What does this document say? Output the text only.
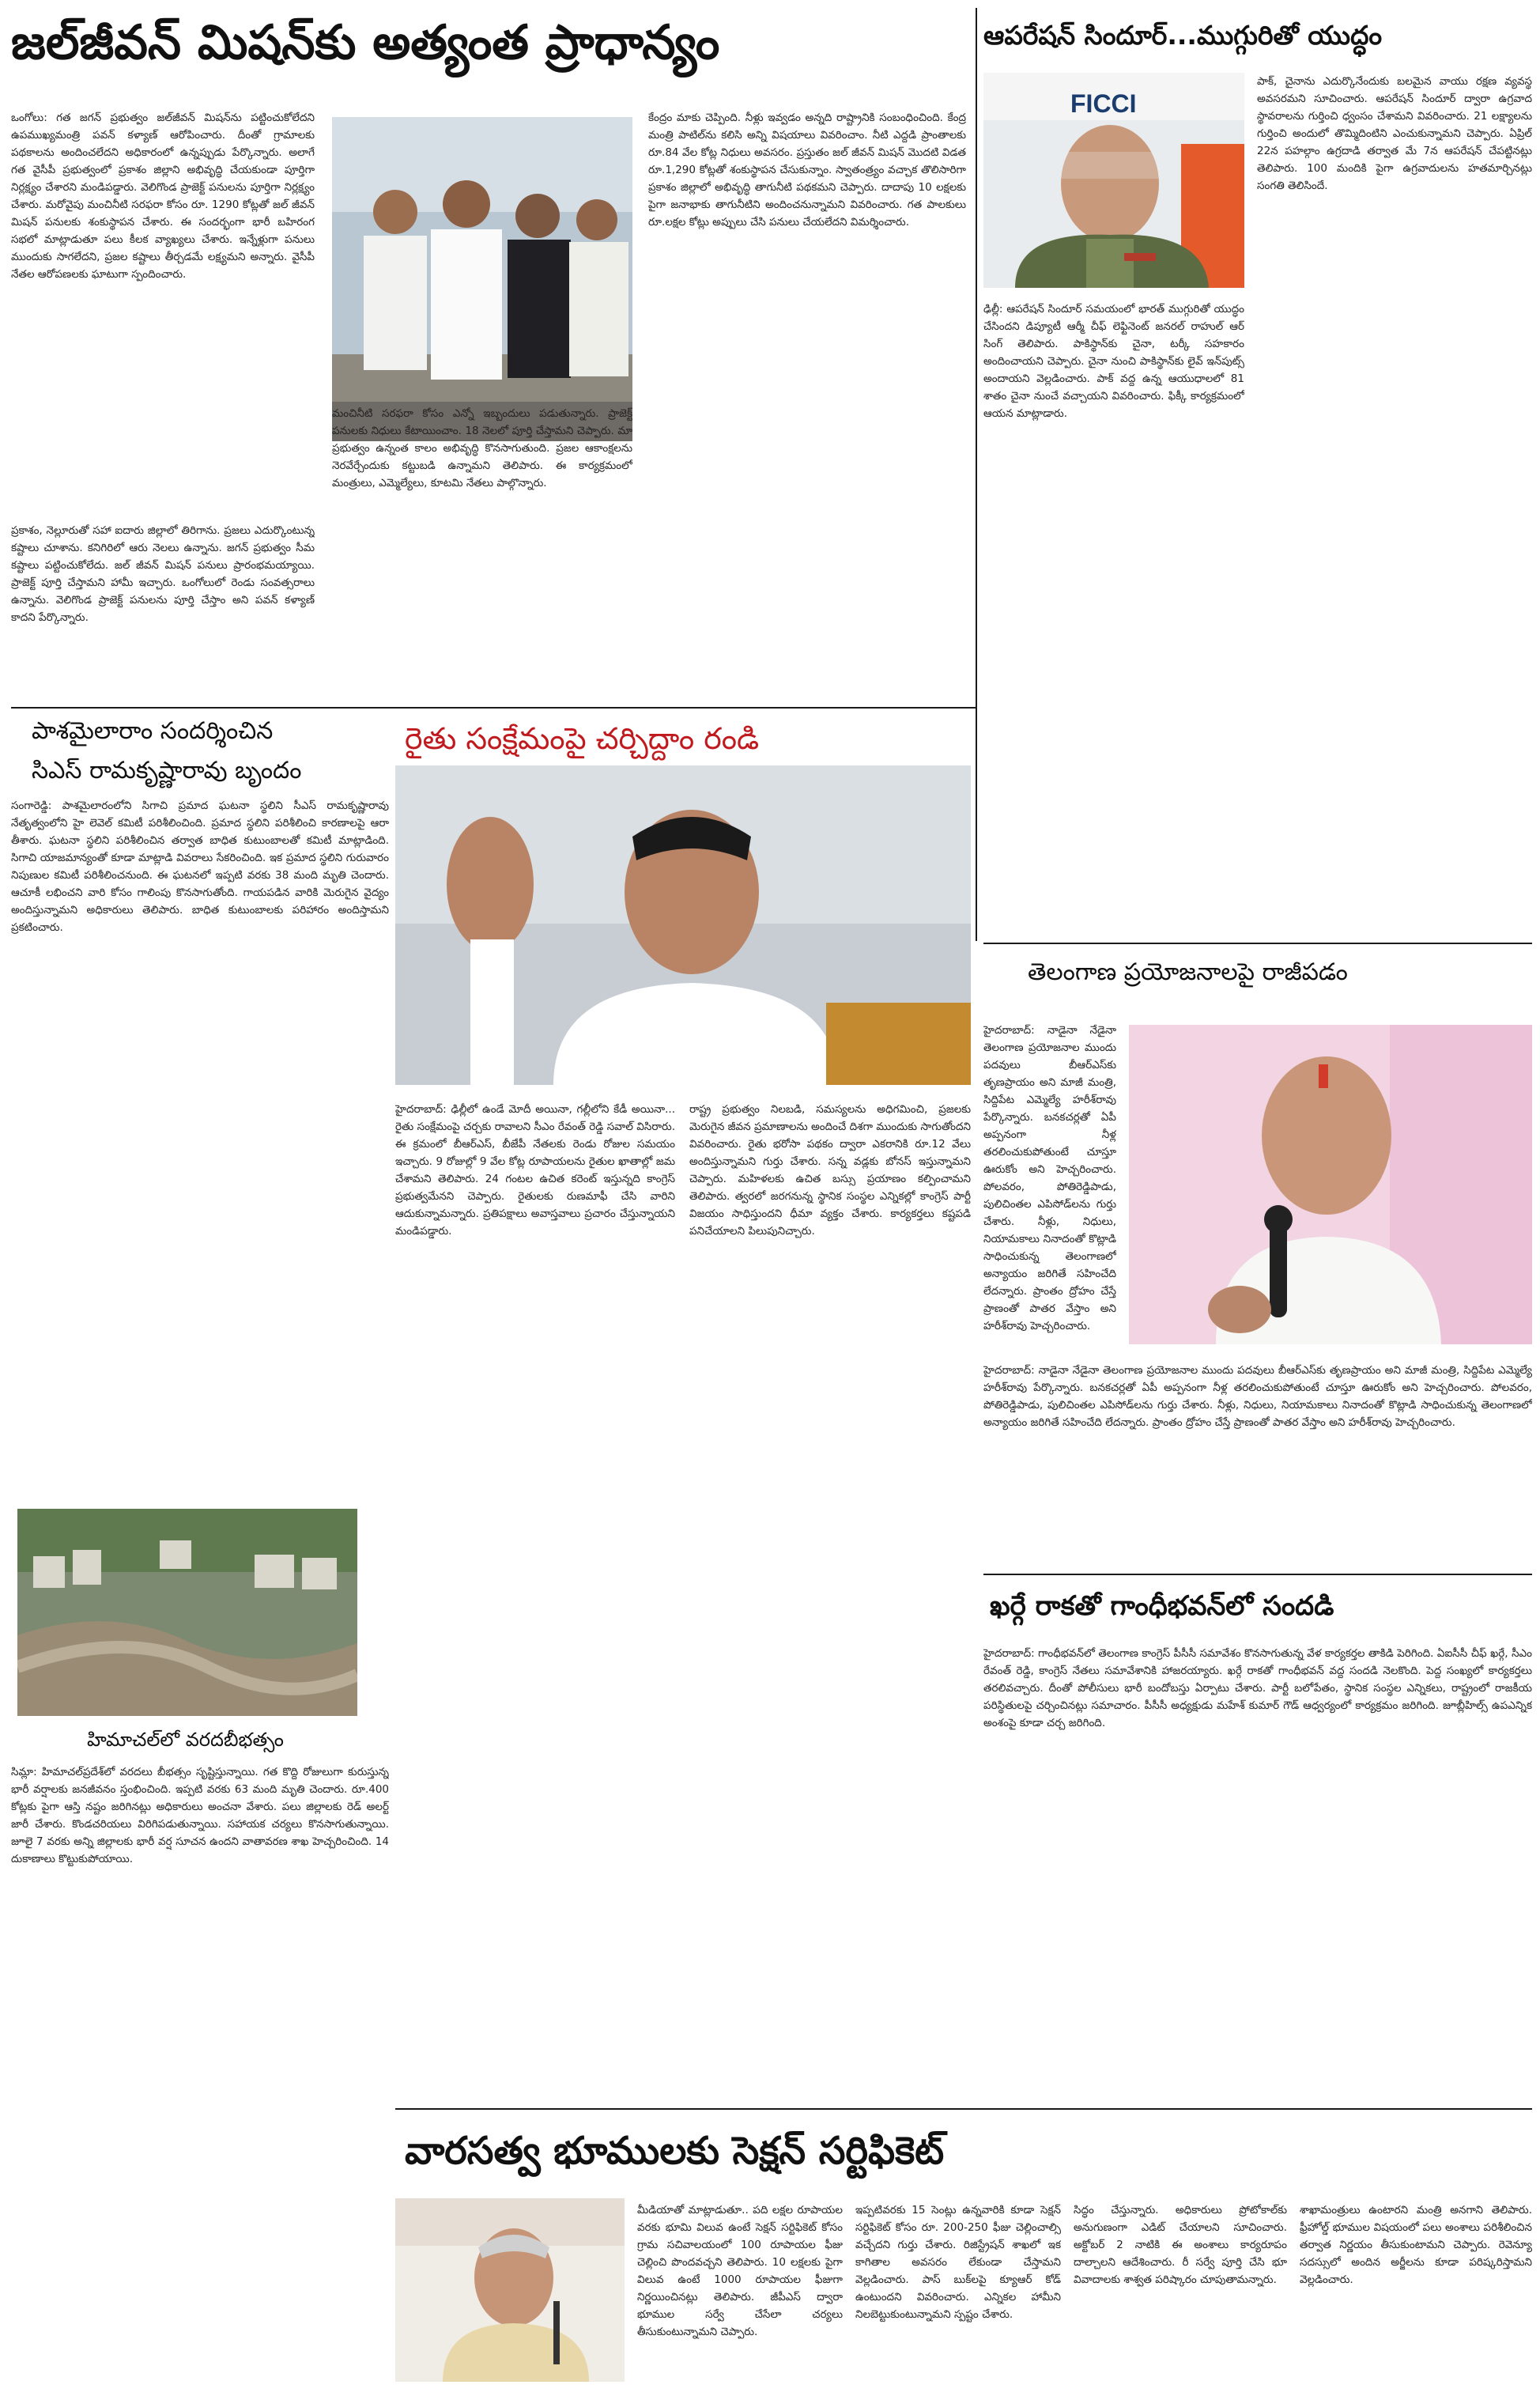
జల్‌జీవన్ మిషన్‌కు అత్యంత ప్రాధాన్యం
ఒంగోలు: గత జగన్ ప్రభుత్వం జల్‌జీవన్ మిషన్‌ను పట్టించుకోలేదని ఉపముఖ్యమంత్రి పవన్ కళ్యాణ్ ఆరోపించారు. దీంతో గ్రామాలకు పథకాలను అందించలేదని అధికారంలో ఉన్నప్పుడు పేర్కొన్నారు. అలాగే గత వైసీపీ ప్రభుత్వంలో ప్రకాశం జిల్లాని అభివృద్ధి చేయకుండా పూర్తిగా నిర్లక్ష్యం చేశారని మండిపడ్డారు. వెలిగొండ ప్రాజెక్ట్ పనులను పూర్తిగా నిర్లక్ష్యం చేశారు. మరోవైపు మంచినీటి సరఫరా కోసం రూ. 1290 కోట్లతో జల్ జీవన్ మిషన్ పనులకు శంకుస్థాపన చేశారు. ఈ సందర్భంగా భారీ బహిరంగ సభలో మాట్లాడుతూ పలు కీలక వ్యాఖ్యలు చేశారు. ఇన్నేళ్లుగా పనులు ముందుకు సాగలేదని, ప్రజల కష్టాలు తీర్చడమే లక్ష్యమని అన్నారు. వైసీపీ నేతల ఆరోపణలకు ఘాటుగా స్పందించారు.
ప్రకాశం, నెల్లూరుతో సహా ఐదారు జిల్లాలో తిరిగాను. ప్రజలు ఎదుర్కొంటున్న కష్టాలు చూశాను. కనిగిరిలో ఆరు నెలలు ఉన్నాను. జగన్ ప్రభుత్వం సీమ కష్టాలు పట్టించుకోలేదు. జల్ జీవన్ మిషన్ పనులు ప్రారంభమయ్యాయి. ప్రాజెక్ట్ పూర్తి చేస్తామని హామీ ఇచ్చారు. ఒంగోలులో రెండు సంవత్సరాలు ఉన్నాను. వెలిగొండ ప్రాజెక్ట్ పనులను పూర్తి చేస్తాం అని పవన్ కళ్యాణ్ కాదని పేర్కొన్నారు.
మంచినీటి సరఫరా కోసం ఎన్నో ఇబ్బందులు పడుతున్నారు. ప్రాజెక్ట్ పనులకు నిధులు కేటాయించాం. 18 నెలలో పూర్తి చేస్తామని చెప్పారు. మా ప్రభుత్వం ఉన్నంత కాలం అభివృద్ధి కొనసాగుతుంది. ప్రజల ఆకాంక్షలను నెరవేర్చేందుకు కట్టుబడి ఉన్నామని తెలిపారు. ఈ కార్యక్రమంలో మంత్రులు, ఎమ్మెల్యేలు, కూటమి నేతలు పాల్గొన్నారు.
కేంద్రం మాకు చెప్పింది. నీళ్లు ఇవ్వడం అన్నది రాష్ట్రానికి సంబంధించింది. కేంద్ర మంత్రి పాటిల్‌ను కలిసి అన్ని విషయాలు వివరించాం. నీటి ఎద్దడి ప్రాంతాలకు రూ.84 వేల కోట్ల నిధులు అవసరం. ప్రస్తుతం జల్ జీవన్ మిషన్ మొదటి విడత రూ.1,290 కోట్లతో శంకుస్థాపన చేసుకున్నాం. స్వాతంత్ర్యం వచ్చాక తొలిసారిగా ప్రకాశం జిల్లాలో అభివృద్ధి తాగునీటి పథకమని చెప్పారు. దాదాపు 10 లక్షలకు పైగా జనాభాకు తాగునీటిని అందించనున్నామని వివరించారు. గత పాలకులు రూ.లక్షల కోట్లు అప్పులు చేసి పనులు చేయలేదని విమర్శించారు.
ఆపరేషన్ సిందూర్...ముగ్గురితో యుద్ధం
FICCI
ఢిల్లీ: ఆపరేషన్ సిందూర్ సమయంలో భారత్ ముగ్గురితో యుద్ధం చేసిందని డిప్యూటీ ఆర్మీ చీఫ్ లెఫ్టినెంట్ జనరల్ రాహుల్ ఆర్ సింగ్ తెలిపారు. పాకిస్థాన్‌కు చైనా, టర్కీ సహకారం అందించాయని చెప్పారు. చైనా నుంచి పాకిస్థాన్‌కు లైవ్ ఇన్‌పుట్స్ అందాయని వెల్లడించారు. పాక్ వద్ద ఉన్న ఆయుధాలలో 81 శాతం చైనా నుంచే వచ్చాయని వివరించారు. ఫిక్కీ కార్యక్రమంలో ఆయన మాట్లాడారు.
పాక్, చైనాను ఎదుర్కొనేందుకు బలమైన వాయు రక్షణ వ్యవస్థ అవసరమని సూచించారు. ఆపరేషన్ సిందూర్ ద్వారా ఉగ్రవాద స్థావరాలను గుర్తించి ధ్వంసం చేశామని వివరించారు. 21 లక్ష్యాలను గుర్తించి అందులో తొమ్మిదింటిని ఎంచుకున్నామని చెప్పారు. ఏప్రిల్ 22న పహల్గాం ఉగ్రదాడి తర్వాత మే 7న ఆపరేషన్ చేపట్టినట్లు తెలిపారు. 100 మందికి పైగా ఉగ్రవాదులను హతమార్చినట్లు సంగతి తెలిసిందే.
తెలంగాణ ప్రయోజనాలపై రాజీపడం
హైదరాబాద్: నాడైనా నేడైనా తెలంగాణ ప్రయోజనాల ముందు పదవులు బీఆర్‌ఎస్‌కు తృణప్రాయం అని మాజీ మంత్రి, సిద్దిపేట ఎమ్మెల్యే హరీశ్‌రావు పేర్కొన్నారు. బనకచర్లతో ఏపీ అప్పనంగా నీళ్ల తరలించుకుపోతుంటే చూస్తూ ఊరుకోం అని హెచ్చరించారు. పోలవరం, పోతిరెడ్డిపాడు, పులిచింతల ఎపిసోడ్‌లను గుర్తు చేశారు. నీళ్లు, నిధులు, నియామకాలు నినాదంతో కొట్లాడి సాధించుకున్న తెలంగాణలో అన్యాయం జరిగితే సహించేది లేదన్నారు. ప్రాంతం ద్రోహం చేస్తే ప్రాణంతో పాతర వేస్తాం అని హరీశ్‌రావు హెచ్చరించారు.
హైదరాబాద్: నాడైనా నేడైనా తెలంగాణ ప్రయోజనాల ముందు పదవులు బీఆర్‌ఎస్‌కు తృణప్రాయం అని మాజీ మంత్రి, సిద్దిపేట ఎమ్మెల్యే హరీశ్‌రావు పేర్కొన్నారు. బనకచర్లతో ఏపీ అప్పనంగా నీళ్ల తరలించుకుపోతుంటే చూస్తూ ఊరుకోం అని హెచ్చరించారు. పోలవరం, పోతిరెడ్డిపాడు, పులిచింతల ఎపిసోడ్‌లను గుర్తు చేశారు. నీళ్లు, నిధులు, నియామకాలు నినాదంతో కొట్లాడి సాధించుకున్న తెలంగాణలో అన్యాయం జరిగితే సహించేది లేదన్నారు. ప్రాంతం ద్రోహం చేస్తే ప్రాణంతో పాతర వేస్తాం అని హరీశ్‌రావు హెచ్చరించారు.
పాశమైలారాం సందర్శించిన
సిఎస్ రామకృష్ణారావు బృందం
సంగారెడ్డి: పాశమైలారంలోని సిగాచి ప్రమాద ఘటనా స్థలిని సీఎస్ రామకృష్ణారావు నేతృత్వంలోని హై లెవెల్ కమిటీ పరిశీలించింది. ప్రమాద స్థలిని పరిశీలించి కారణాలపై ఆరా తీశారు. ఘటనా స్థలిని పరిశీలించిన తర్వాత బాధిత కుటుంబాలతో కమిటీ మాట్లాడింది. సిగాచి యాజమాన్యంతో కూడా మాట్లాడి వివరాలు సేకరించింది. ఇక ప్రమాద స్థలిని గురువారం నిపుణుల కమిటీ పరిశీలించనుంది. ఈ ఘటనలో ఇప్పటి వరకు 38 మంది మృతి చెందారు. ఆచూకీ లభించని వారి కోసం గాలింపు కొనసాగుతోంది. గాయపడిన వారికి మెరుగైన వైద్యం అందిస్తున్నామని అధికారులు తెలిపారు. బాధిత కుటుంబాలకు పరిహారం అందిస్తామని ప్రకటించారు.
హిమాచల్‌లో వరదబీభత్సం
సిమ్లా: హిమాచల్‌ప్రదేశ్‌లో వరదలు బీభత్సం సృష్టిస్తున్నాయి. గత కొద్ది రోజులుగా కురుస్తున్న భారీ వర్షాలకు జనజీవనం స్తంభించింది. ఇప్పటి వరకు 63 మంది మృతి చెందారు. రూ.400 కోట్లకు పైగా ఆస్తి నష్టం జరిగినట్లు అధికారులు అంచనా వేశారు. పలు జిల్లాలకు రెడ్ అలర్ట్ జారీ చేశారు. కొండచరియలు విరిగిపడుతున్నాయి. సహాయక చర్యలు కొనసాగుతున్నాయి. జూలై 7 వరకు అన్ని జిల్లాలకు భారీ వర్ష సూచన ఉందని వాతావరణ శాఖ హెచ్చరించింది. 14 దుకాణాలు కొట్టుకుపోయాయి.
రైతు సంక్షేమంపై చర్చిద్దాం రండి
హైదరాబాద్: ఢిల్లీలో ఉండే మోదీ అయినా, గల్లీలోని కేడీ అయినా... రైతు సంక్షేమంపై చర్చకు రావాలని సీఎం రేవంత్ రెడ్డి సవాల్ విసిరారు. ఈ క్రమంలో బీఆర్‌ఎస్, బీజేపీ నేతలకు రెండు రోజుల సమయం ఇచ్చారు. 9 రోజుల్లో 9 వేల కోట్ల రూపాయలను రైతుల ఖాతాల్లో జమ చేశామని తెలిపారు. 24 గంటల ఉచిత కరెంట్ ఇస్తున్నది కాంగ్రెస్ ప్రభుత్వమేనని చెప్పారు. రైతులకు రుణమాఫీ చేసి వారిని ఆదుకున్నామన్నారు. ప్రతిపక్షాలు అవాస్తవాలు ప్రచారం చేస్తున్నాయని మండిపడ్డారు.
రాష్ట్ర ప్రభుత్వం నిలబడి, సమస్యలను అధిగమించి, ప్రజలకు మెరుగైన జీవన ప్రమాణాలను అందించే దిశగా ముందుకు సాగుతోందని వివరించారు. రైతు భరోసా పథకం ద్వారా ఎకరానికి రూ.12 వేలు అందిస్తున్నామని గుర్తు చేశారు. సన్న వడ్లకు బోనస్ ఇస్తున్నామని చెప్పారు. మహిళలకు ఉచిత బస్సు ప్రయాణం కల్పించామని తెలిపారు. త్వరలో జరగనున్న స్థానిక సంస్థల ఎన్నికల్లో కాంగ్రెస్ పార్టీ విజయం సాధిస్తుందని ధీమా వ్యక్తం చేశారు. కార్యకర్తలు కష్టపడి పనిచేయాలని పిలుపునిచ్చారు.
ఖర్గే రాకతో గాంధీభవన్‌లో సందడి
హైదరాబాద్: గాంధీభవన్‌లో తెలంగాణ కాంగ్రెస్ పీసీసీ సమావేశం కొనసాగుతున్న వేళ కార్యకర్తల తాకిడి పెరిగింది. ఏఐసీసీ చీఫ్ ఖర్గే, సీఎం రేవంత్ రెడ్డి, కాంగ్రెస్ నేతలు సమావేశానికి హాజరయ్యారు. ఖర్గే రాకతో గాంధీభవన్ వద్ద సందడి నెలకొంది. పెద్ద సంఖ్యలో కార్యకర్తలు తరలివచ్చారు. దీంతో పోలీసులు భారీ బందోబస్తు ఏర్పాటు చేశారు. పార్టీ బలోపేతం, స్థానిక సంస్థల ఎన్నికలు, రాష్ట్రంలో రాజకీయ పరిస్థితులపై చర్చించినట్లు సమాచారం. పీసీసీ అధ్యక్షుడు మహేశ్ కుమార్ గౌడ్ ఆధ్వర్యంలో కార్యక్రమం జరిగింది. జూబ్లీహిల్స్ ఉపఎన్నిక అంశంపై కూడా చర్చ జరిగింది.
వారసత్వ భూములకు సెక్షన్ సర్టిఫికెట్
మీడియాతో మాట్లాడుతూ.. పది లక్షల రూపాయల వరకు భూమి విలువ ఉంటే సెక్షన్ సర్టిఫికెట్ కోసం గ్రామ సచివాలయంలో 100 రూపాయల ఫీజు చెల్లించి పొందవచ్చని తెలిపారు. 10 లక్షలకు పైగా విలువ ఉంటే 1000 రూపాయల ఫీజుగా నిర్ణయించినట్లు తెలిపారు. జీపీఎస్ ద్వారా భూముల సర్వే చేసేలా చర్యలు తీసుకుంటున్నామని చెప్పారు.
ఇప్పటివరకు 15 సెంట్లు ఉన్నవారికి కూడా సెక్షన్ సర్టిఫికెట్ కోసం రూ. 200-250 ఫీజు చెల్లించాల్సి వచ్చేదని గుర్తు చేశారు. రిజిస్ట్రేషన్ శాఖలో ఇక కాగితాల అవసరం లేకుండా చేస్తామని వెల్లడించారు. పాస్ బుక్‌లపై క్యూఆర్ కోడ్ ఉంటుందని వివరించారు. ఎన్నికల హామీని నిలబెట్టుకుంటున్నామని స్పష్టం చేశారు.
సిద్ధం చేస్తున్నారు. అధికారులు ప్రోటోకాల్‌కు అనుగుణంగా ఎడిట్ చేయాలని సూచించారు. అక్టోబర్ 2 నాటికి ఈ అంశాలు కార్యరూపం దాల్చాలని ఆదేశించారు. రీ సర్వే పూర్తి చేసి భూ వివాదాలకు శాశ్వత పరిష్కారం చూపుతామన్నారు.
శాఖామంత్రులు ఉంటారని మంత్రి అనగాని తెలిపారు. ఫ్రీహోల్డ్ భూముల విషయంలో పలు అంశాలు పరిశీలించిన తర్వాత నిర్ణయం తీసుకుంటామని చెప్పారు. రెవెన్యూ సదస్సులో అందిన అర్జీలను కూడా పరిష్కరిస్తామని వెల్లడించారు.
